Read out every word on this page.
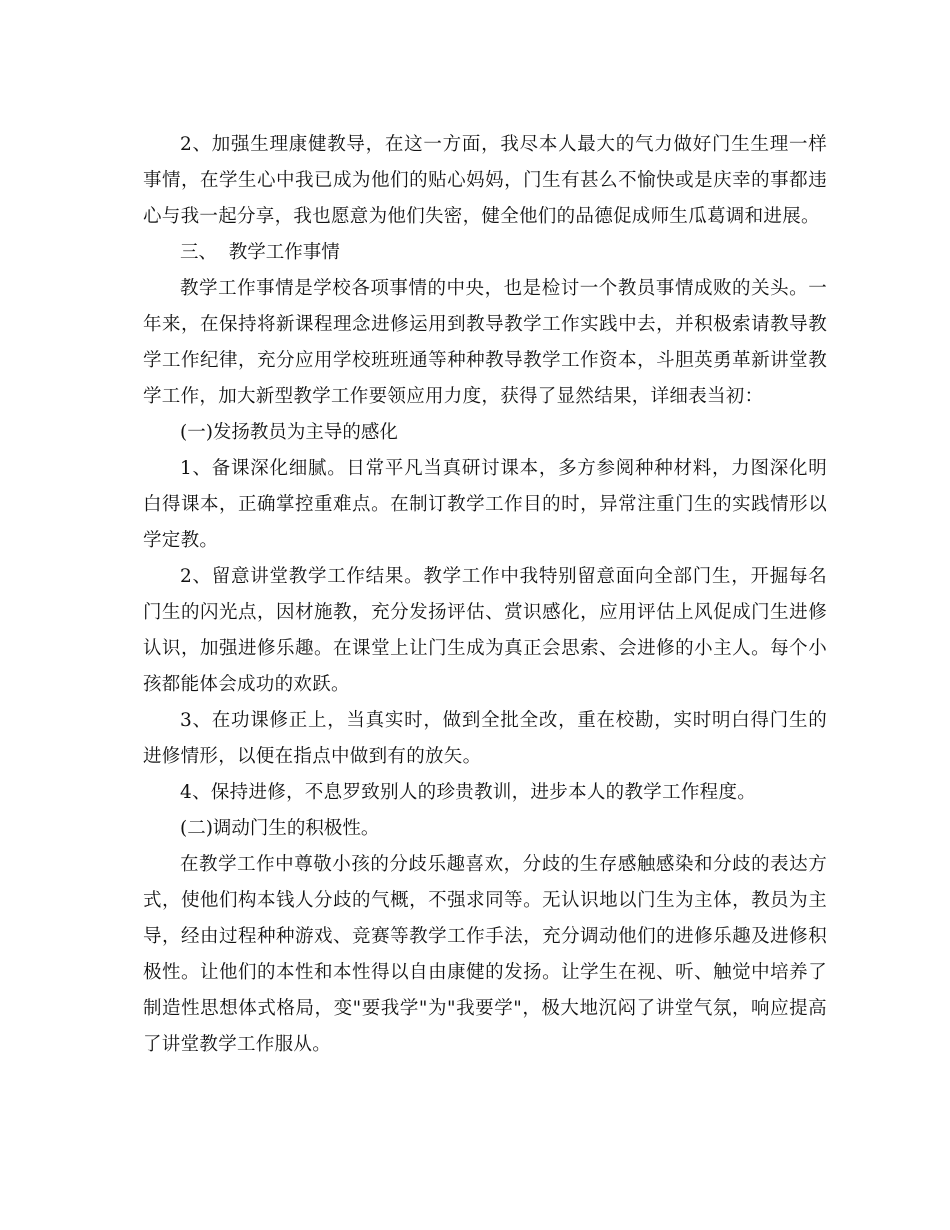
2、加强生理康健教导，在这一方面，我尽本人最大的气力做好门生生理一样事情，在学生心中我已成为他们的贴心妈妈，门生有甚么不愉快或是庆幸的事都违心与我一起分享，我也愿意为他们失密，健全他们的品德促成师生瓜葛调和进展。

三、  教学工作事情

教学工作事情是学校各项事情的中央，也是检讨一个教员事情成败的关头。一年来，在保持将新课程理念进修运用到教导教学工作实践中去，并积极索请教导教学工作纪律，充分应用学校班班通等种种教导教学工作资本，斗胆英勇革新讲堂教学工作，加大新型教学工作要领应用力度，获得了显然结果，详细表当初：

(一)发扬教员为主导的感化

1、备课深化细腻。日常平凡当真研讨课本，多方参阅种种材料，力图深化明白得课本，正确掌控重难点。在制订教学工作目的时，异常注重门生的实践情形以学定教。

2、留意讲堂教学工作结果。教学工作中我特别留意面向全部门生，开掘每名门生的闪光点，因材施教，充分发扬评估、赏识感化，应用评估上风促成门生进修认识，加强进修乐趣。在课堂上让门生成为真正会思索、会进修的小主人。每个小孩都能体会成功的欢跃。

3、在功课修正上，当真实时，做到全批全改，重在校勘，实时明白得门生的进修情形，以便在指点中做到有的放矢。

4、保持进修，不息罗致别人的珍贵教训，进步本人的教学工作程度。

(二)调动门生的积极性。

在教学工作中尊敬小孩的分歧乐趣喜欢，分歧的生存感触感染和分歧的表达方式，使他们构本钱人分歧的气概，不强求同等。无认识地以门生为主体，教员为主导，经由过程种种游戏、竞赛等教学工作手法，充分调动他们的进修乐趣及进修积极性。让他们的本性和本性得以自由康健的发扬。让学生在视、听、触觉中培养了制造性思想体式格局，变"要我学"为"我要学"，极大地沉闷了讲堂气氛，响应提高了讲堂教学工作服从。
